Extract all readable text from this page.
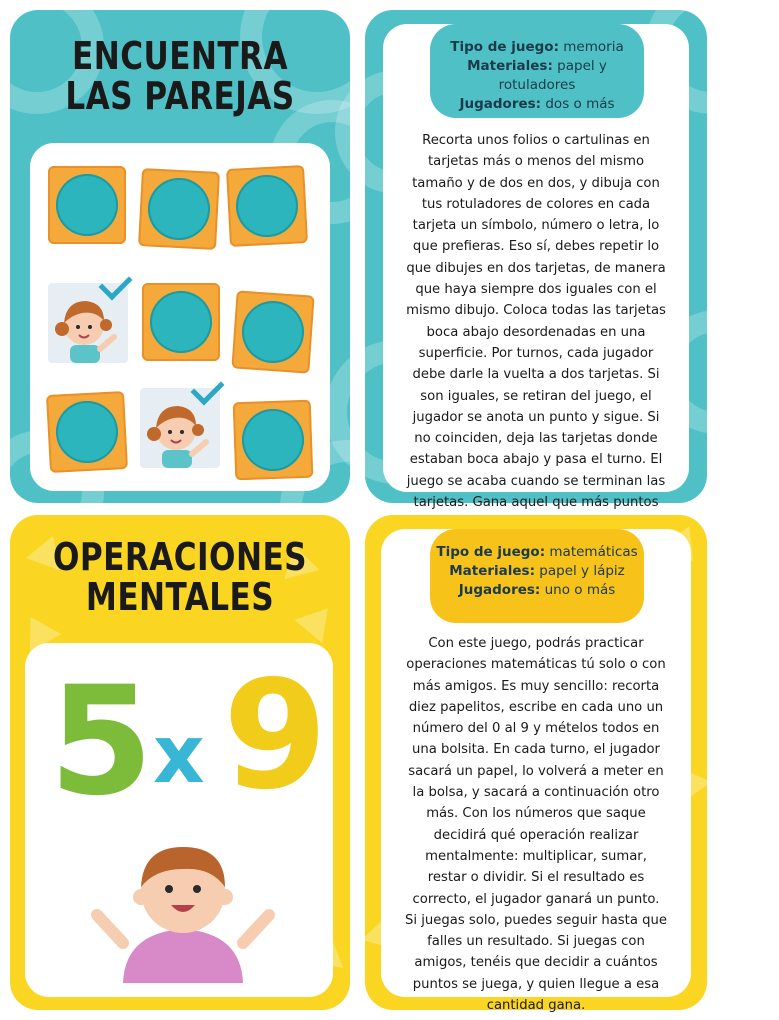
ENCUENTRA
LAS PAREJAS
Tipo de juego: memoria
Materiales: papel y rotuladores
Jugadores: dos o más
Recorta unos folios o cartulinas en tarjetas más o menos del mismo tamaño y de dos en dos, y dibuja con tus rotuladores de colores en cada tarjeta un símbolo, número o letra, lo que prefieras. Eso sí, debes repetir lo que dibujes en dos tarjetas, de manera que haya siempre dos iguales con el mismo dibujo. Coloca todas las tarjetas boca abajo desordenadas en una superficie. Por turnos, cada jugador debe darle la vuelta a dos tarjetas. Si son iguales, se retiran del juego, el jugador se anota un punto y sigue. Si no coinciden, deja las tarjetas donde estaban boca abajo y pasa el turno. El juego se acaba cuando se terminan las tarjetas. Gana aquel que más puntos
OPERACIONES
MENTALES
5 x 9
Tipo de juego: matemáticas
Materiales: papel y lápiz
Jugadores: uno o más
Con este juego, podrás practicar operaciones matemáticas tú solo o con más amigos. Es muy sencillo: recorta diez papelitos, escribe en cada uno un número del 0 al 9 y mételos todos en una bolsita. En cada turno, el jugador sacará un papel, lo volverá a meter en la bolsa, y sacará a continuación otro más. Con los números que saque decidirá qué operación realizar mentalmente: multiplicar, sumar, restar o dividir. Si el resultado es correcto, el jugador ganará un punto. Si juegas solo, puedes seguir hasta que falles un resultado. Si juegas con amigos, tenéis que decidir a cuántos puntos se juega, y quien llegue a esa cantidad gana.
